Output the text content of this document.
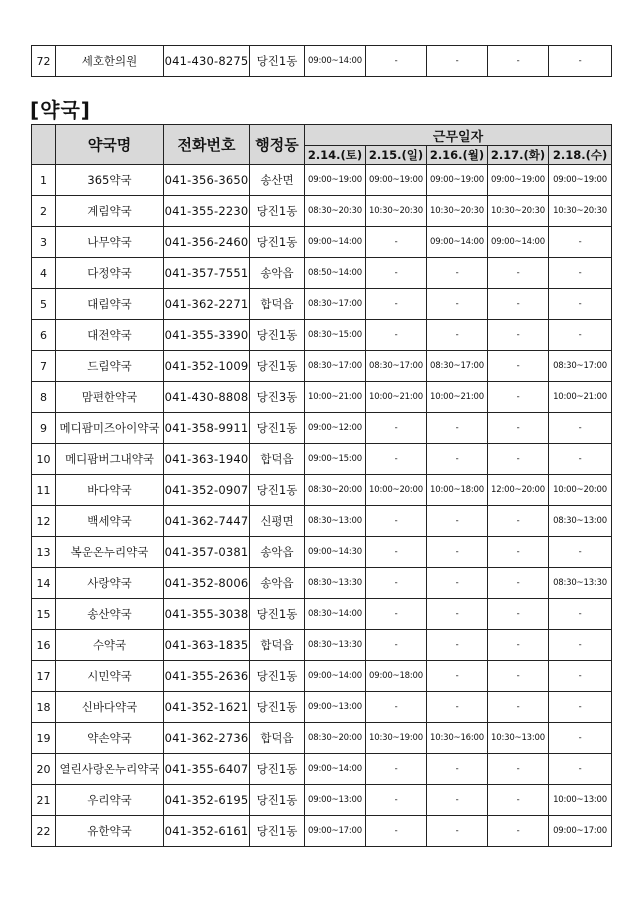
72	세호한의원	041-430-8275	당진1동	09:00~14:00	-	-	-	-
[약국]
	약국명	전화번호	행정동	근무일자				
				2.14.(토)	2.15.(일)	2.16.(월)	2.17.(화)	2.18.(수)
1	365약국	041-356-3650	송산면	09:00~19:00	09:00~19:00	09:00~19:00	09:00~19:00	09:00~19:00
2	계림약국	041-355-2230	당진1동	08:30~20:30	10:30~20:30	10:30~20:30	10:30~20:30	10:30~20:30
3	나무약국	041-356-2460	당진1동	09:00~14:00	-	09:00~14:00	09:00~14:00	-
4	다정약국	041-357-7551	송악읍	08:50~14:00	-	-	-	-
5	대림약국	041-362-2271	합덕읍	08:30~17:00	-	-	-	-
6	대전약국	041-355-3390	당진1동	08:30~15:00	-	-	-	-
7	드림약국	041-352-1009	당진1동	08:30~17:00	08:30~17:00	08:30~17:00	-	08:30~17:00
8	맘편한약국	041-430-8808	당진3동	10:00~21:00	10:00~21:00	10:00~21:00	-	10:00~21:00
9	메디팜미즈아이약국	041-358-9911	당진1동	09:00~12:00	-	-	-	-
10	메디팜버그내약국	041-363-1940	합덕읍	09:00~15:00	-	-	-	-
11	바다약국	041-352-0907	당진1동	08:30~20:00	10:00~20:00	10:00~18:00	12:00~20:00	10:00~20:00
12	백세약국	041-362-7447	신평면	08:30~13:00	-	-	-	08:30~13:00
13	복운온누리약국	041-357-0381	송악읍	09:00~14:30	-	-	-	-
14	사랑약국	041-352-8006	송악읍	08:30~13:30	-	-	-	08:30~13:30
15	송산약국	041-355-3038	당진1동	08:30~14:00	-	-	-	-
16	수약국	041-363-1835	합덕읍	08:30~13:30	-	-	-	-
17	시민약국	041-355-2636	당진1동	09:00~14:00	09:00~18:00	-	-	-
18	신바다약국	041-352-1621	당진1동	09:00~13:00	-	-	-	-
19	약손약국	041-362-2736	합덕읍	08:30~20:00	10:30~19:00	10:30~16:00	10:30~13:00	-
20	열린사랑온누리약국	041-355-6407	당진1동	09:00~14:00	-	-	-	-
21	우리약국	041-352-6195	당진1동	09:00~13:00	-	-	-	10:00~13:00
22	유한약국	041-352-6161	당진1동	09:00~17:00	-	-	-	09:00~17:00
